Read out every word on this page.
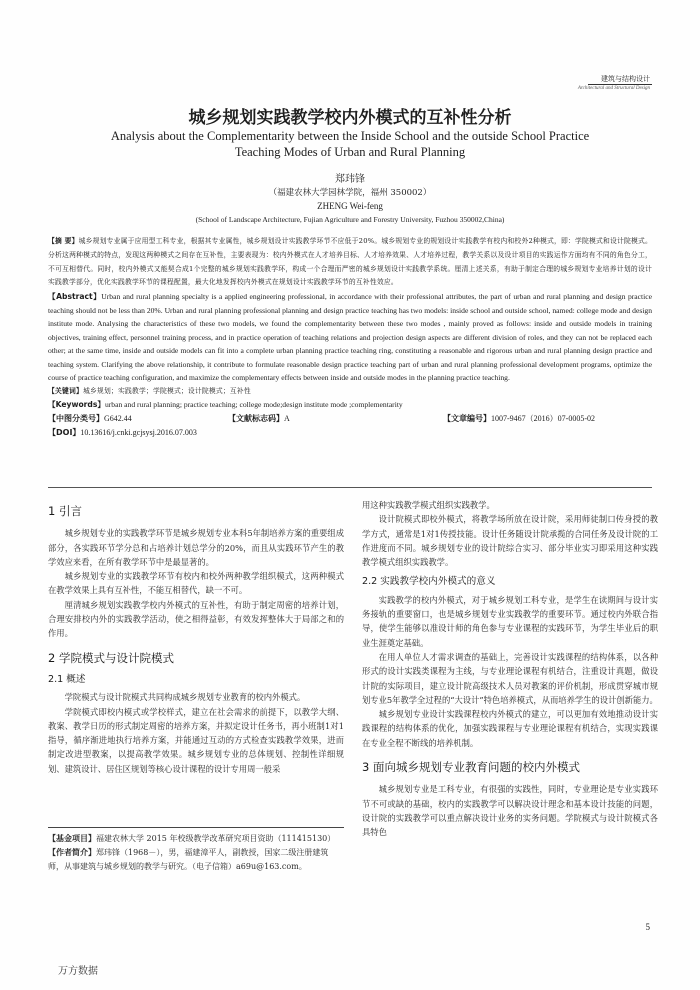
建筑与结构设计
Architectural and Structural Design
城乡规划实践教学校内外模式的互补性分析
Analysis about the Complementarity between the Inside School and the outside School Practice Teaching Modes of Urban and Rural Planning
郑玮锋
（福建农林大学园林学院，福州 350002）
ZHENG Wei-feng
(School of Landscape Architecture, Fujian Agriculture and Forestry University, Fuzhou 350002,China)

【摘 要】城乡规划专业属于应用型工科专业，根据其专业属性，城乡规划设计实践教学环节不应低于20%。城乡规划专业的规划设计实践教学有校内和校外2种模式，即：学院模式和设计院模式。分析这两种模式的特点，发现这两种模式之间存在互补性，主要表现为：校内外模式在人才培养目标、人才培养效果、人才培养过程，教学关系以及设计项目的实践运作方面均有不同的角色分工，不可互相替代。同时，校内外模式又能契合成1个完整的城乡规划实践教学环，构成一个合理而严密的城乡规划设计实践教学系统。厘清上述关系，有助于制定合理的城乡规划专业培养计划的设计实践教学部分，优化实践教学环节的课程配置，最大化地发挥校内外模式在规划设计实践教学环节的互补性效应。

【Abstract】Urban and rural planning specialty is a applied engineering professional, in accordance with their professional attributes, the part of urban and rural planning and design practice teaching should not be less than 20%. Urban and rural planning professional planning and design practice teaching has two models: inside school and outside school, named: college mode and design institute mode. Analysing the characteristics of these two models, we found the complementarity between these two modes , mainly proved as follows: inside and outside models in training objectives, training effect, personnel training process, and in practice operation of teaching relations and projection design aspects are different division of roles, and they can not be replaced each other; at the same time, inside and outside models can fit into a complete urban planning practice teaching ring, constituting a reasonable and rigorous urban and rural planning design practice and teaching system. Clarifying the above relationship, it contribute to formulate reasonable design practice teaching part of urban and rural planning professional development programs, optimize the course of practice teaching configuration, and maximize the complementary effects between inside and outside modes in the planning practice teaching.

【关键词】城乡规划；实践教学；学院模式；设计院模式；互补性

【Keywords】urban and rural planning; practice teaching; college mode;design institute mode ;complementarity

【中图分类号】G642.44	【文献标志码】A	【文章编号】1007-9467（2016）07-0005-02
【DOI】10.13616/j.cnki.gcjsysj.2016.07.003
1 引言

城乡规划专业的实践教学环节是城乡规划专业本科5年制培养方案的重要组成部分，各实践环节学分总和占培养计划总学分的20%，而且从实践环节产生的教学效应来看，在所有教学环节中是最显著的。

城乡规划专业的实践教学环节有校内和校外两种教学组织模式，这两种模式在教学效果上具有互补性，不能互相替代，缺一不可。

厘清城乡规划实践教学校内外模式的互补性，有助于制定周密的培养计划，合理安排校内外的实践教学活动，使之相得益彰，有效发挥整体大于局部之和的作用。

2 学院模式与设计院模式
2.1 概述

学院模式与设计院模式共同构成城乡规划专业教育的校内外模式。

学院模式即校内模式或学校样式，建立在社会需求的前提下，以教学大纲、教案、教学日历的形式制定周密的培养方案，并拟定设计任务书，再小班制1对1指导，循序渐进地执行培养方案，并能通过互动的方式检查实践教学效果，进而制定改进型教案，以提高教学效果。城乡规划专业的总体规划、控制性详细规划、建筑设计、居住区规划等核心设计课程的设计专用周一般采

【基金项目】福建农林大学 2015 年校级教学改革研究项目资助（111415130）

【作者简介】郑玮锋（1968－），男，福建漳平人，副教授，国家二级注册建筑师，从事建筑与城乡规划的教学与研究。（电子信箱）a69u@163.com。

用这种实践教学模式组织实践教学。

设计院模式即校外模式，将教学场所放在设计院，采用师徒制口传身授的教学方式，通常是1对1传授技能。设计任务随设计院承揽的合同任务及设计院的工作进度而不同。城乡规划专业的设计院综合实习、部分毕业实习即采用这种实践教学模式组织实践教学。

2.2 实践教学校内外模式的意义

实践教学的校内外模式，对于城乡规划工科专业，是学生在读期间与设计实务接轨的重要窗口，也是城乡规划专业实践教学的重要环节。通过校内外联合指导，使学生能够以准设计师的角色参与专业课程的实践环节，为学生毕业后的职业生涯奠定基础。

在用人单位人才需求调查的基础上，完善设计实践课程的结构体系，以各种形式的设计实践类课程为主线，与专业理论课程有机结合，注重设计真题，做设计院的实际项目，建立设计院高级技术人员对教案的评价机制，形成贯穿城市规划专业5年教学全过程的“大设计”特色培养模式，从而培养学生的设计创新能力。

城乡规划专业设计实践课程校内外模式的建立，可以更加有效地推动设计实践课程的结构体系的优化，加强实践课程与专业理论课程有机结合，实现实践课在专业全程不断线的培养机制。

3 面向城乡规划专业教育问题的校内外模式

城乡规划专业是工科专业，有很强的实践性，同时，专业理论是专业实践环节不可或缺的基础，校内的实践教学可以解决设计理念和基本设计技能的问题，设计院的实践教学可以重点解决设计业务的实务问题。学院模式与设计院模式各具特色

5
万方数据
